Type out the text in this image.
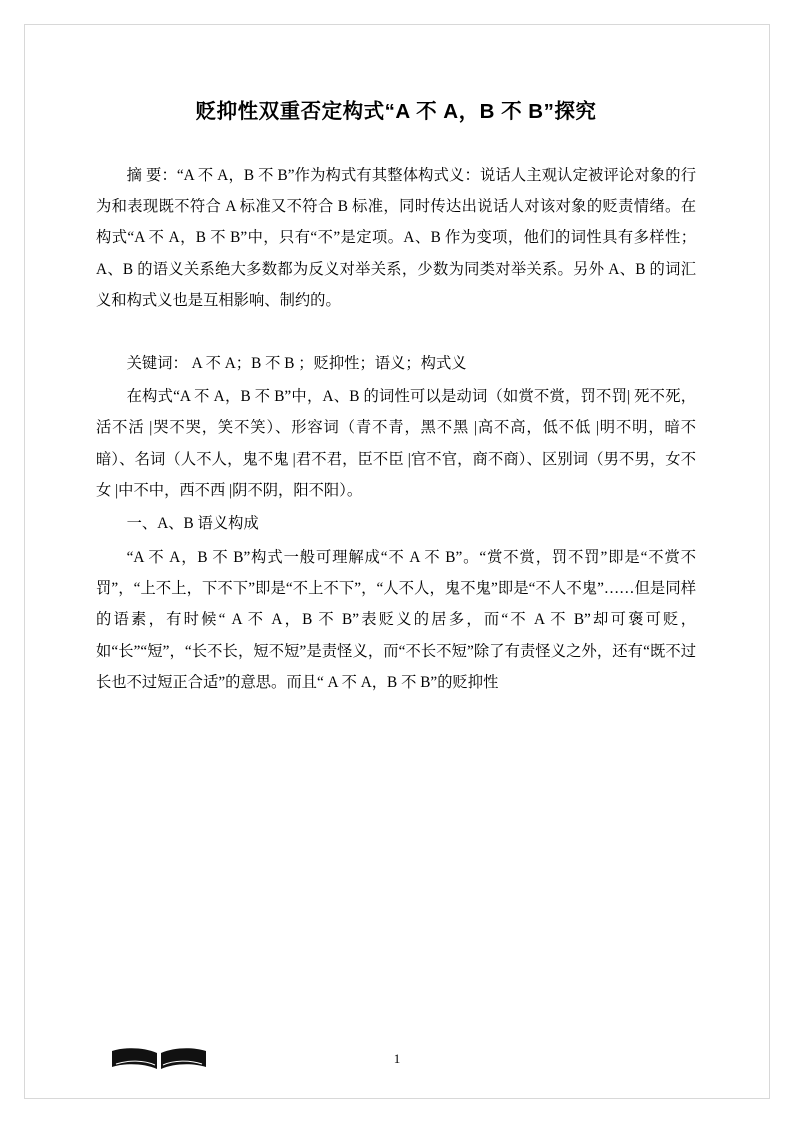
贬抑性双重否定构式“A 不 A，B 不 B”探究

摘 要：“A 不 A，B 不 B”作为构式有其整体构式义：说话人主观认定被评论对象的行为和表现既不符合 A 标准又不符合 B 标准，同时传达出说话人对该对象的贬责情绪。在构式“A 不 A，B 不 B”中，只有“不”是定项。A、B 作为变项，他们的词性具有多样性； A、B 的语义关系绝大多数都为反义对举关系，少数为同类对举关系。另外 A、B 的词汇义和构式义也是互相影响、制约的。

关键词： A 不 A；B 不 B ；贬抑性；语义；构式义

在构式“A 不 A，B 不 B”中，A、B 的词性可以是动词（如赏不赏，罚不罚| 死不死，活不活 |哭不哭，笑不笑）、形容词（青不青，黑不黑 |高不高，低不低 |明不明，暗不暗）、名词（人不人，鬼不鬼 |君不君，臣不臣 |官不官，商不商）、区别词（男不男，女不女 |中不中，西不西 |阴不阴，阳不阳）。

一、A、B 语义构成

“A 不 A，B 不 B”构式一般可理解成“不 A 不 B”。“赏不赏，罚不罚”即是“不赏不罚”，“上不上，下不下”即是“不上不下”，“人不人，鬼不鬼”即是“不人不鬼”……但是同样的语素，有时候“ A 不 A，B 不 B”表贬义的居多，而“不 A 不 B”却可褒可贬，如“长”“短”，“长不长，短不短”是责怪义，而“不长不短”除了有责怪义之外，还有“既不过长也不过短正合适”的意思。而且“ A 不 A，B 不 B”的贬抑性

1
